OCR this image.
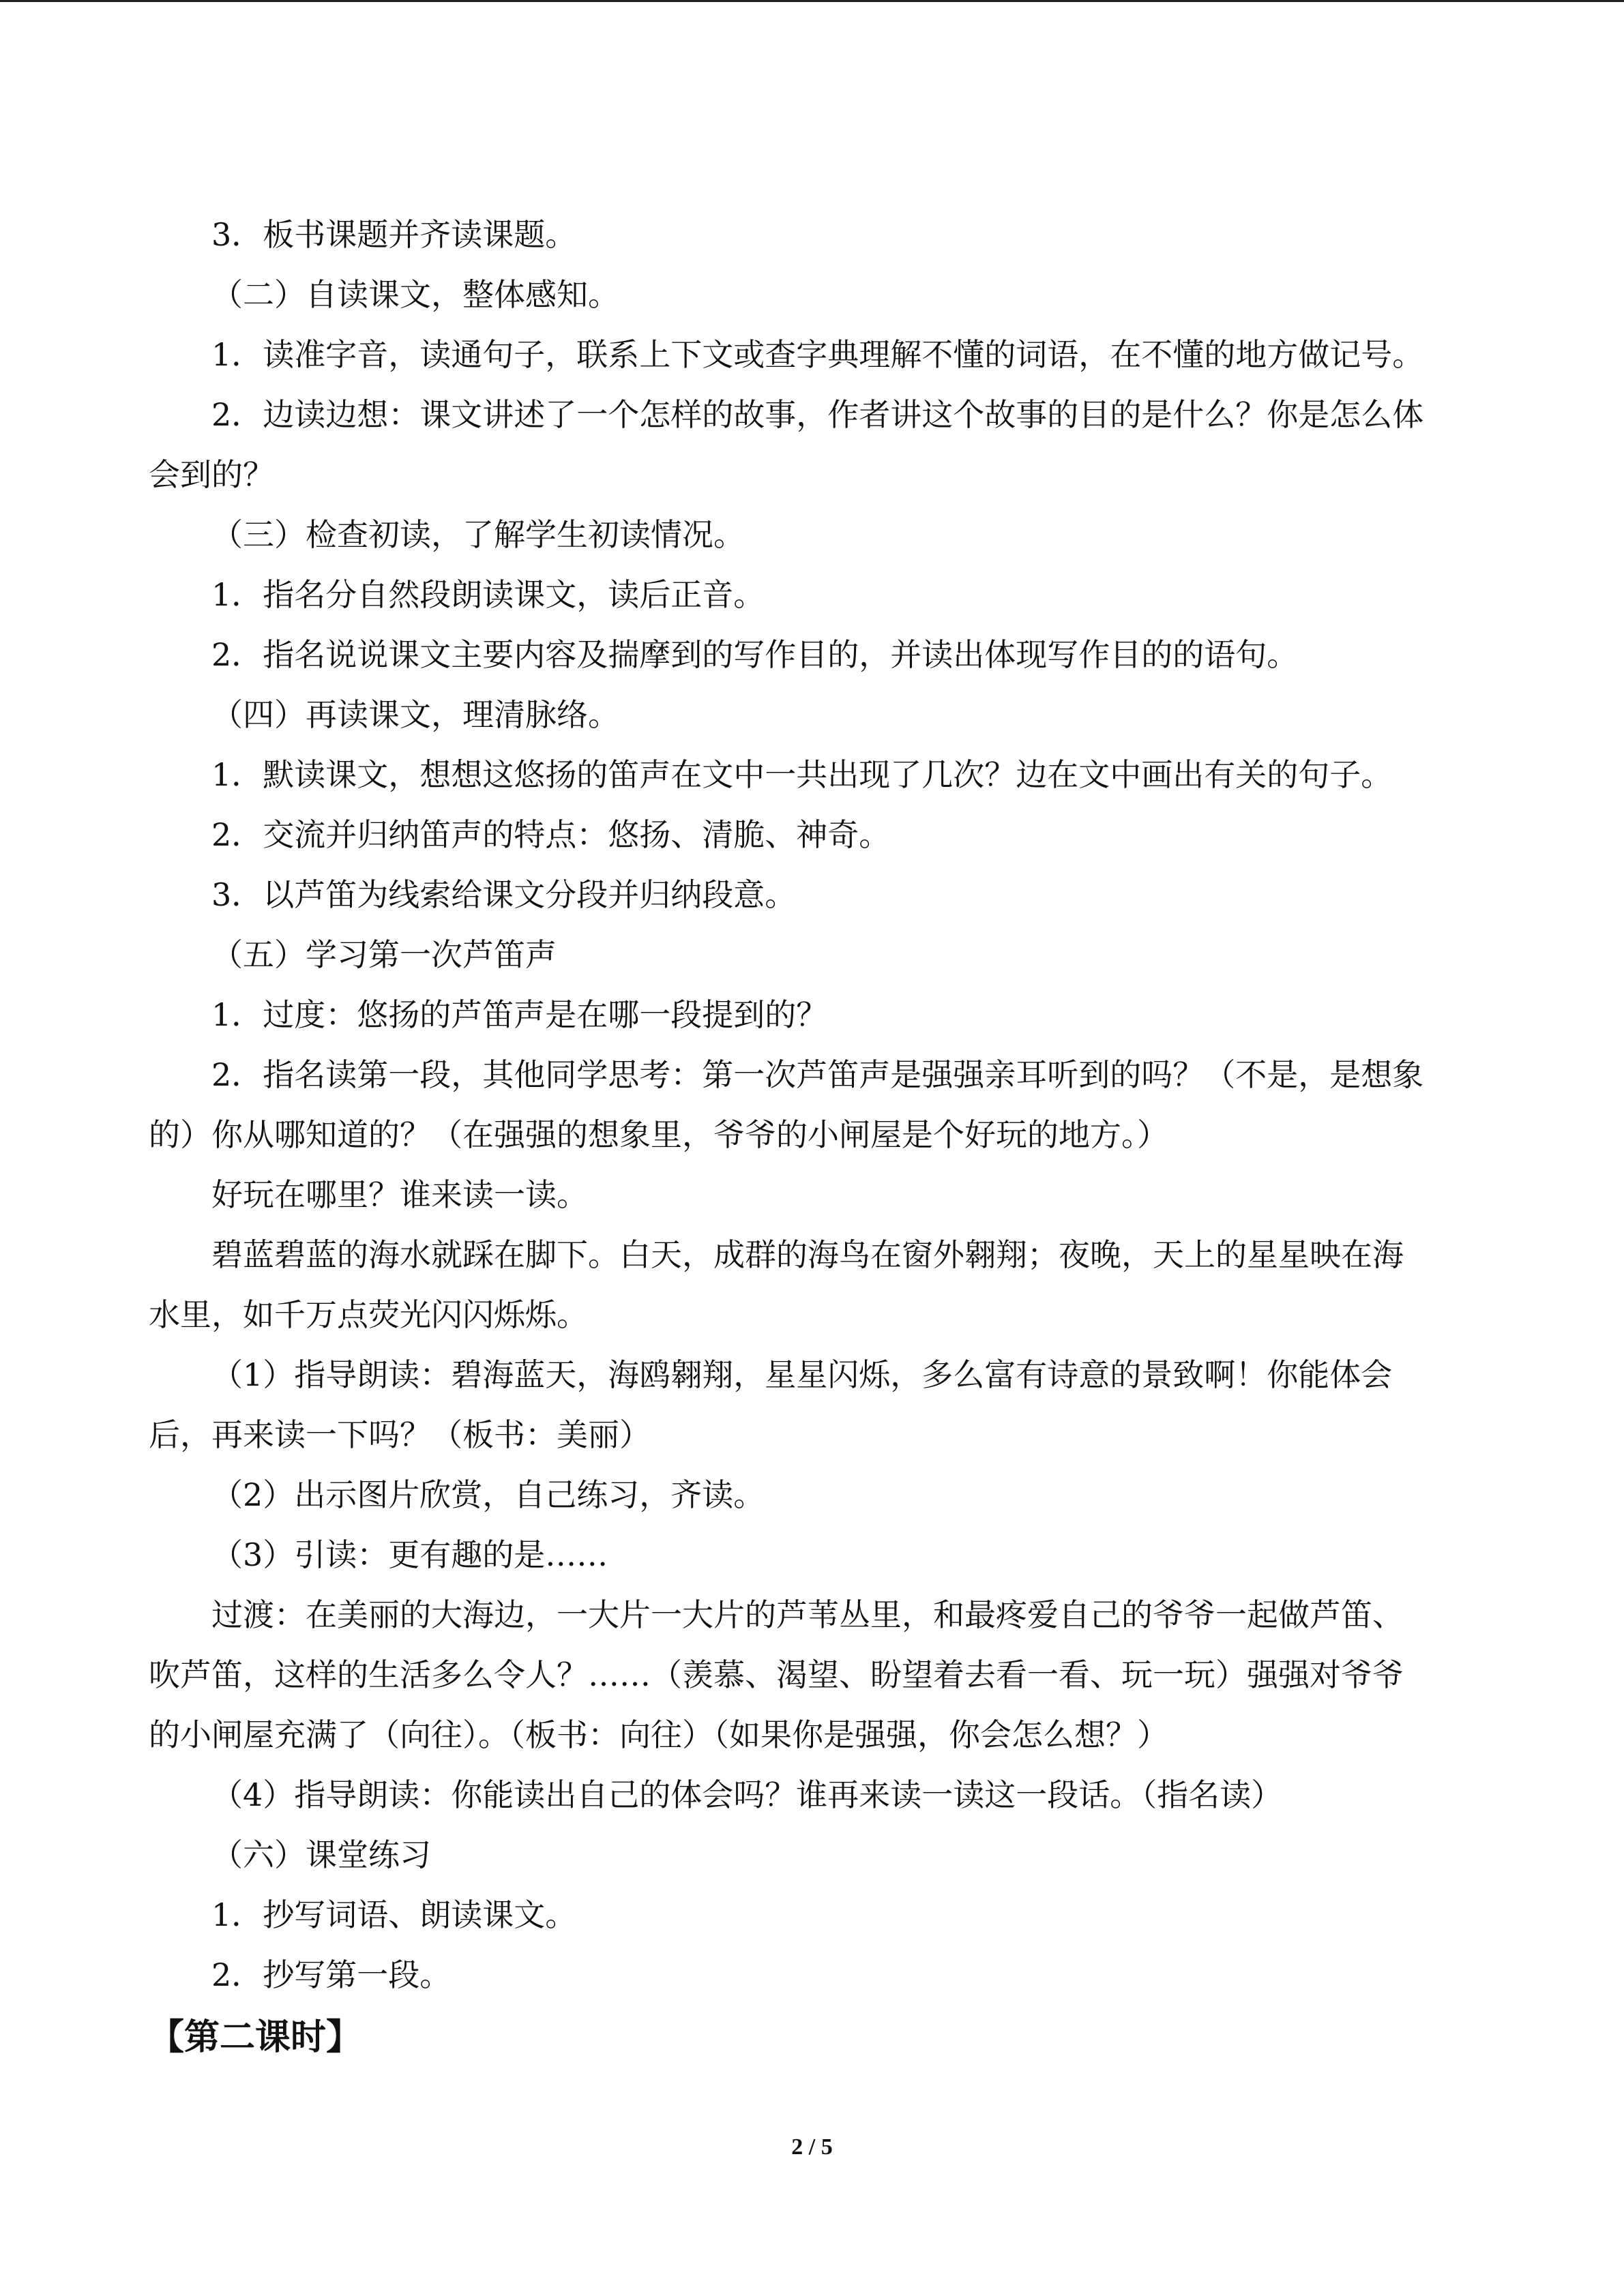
3．板书课题并齐读课题。

（二）自读课文，整体感知。

1．读准字音，读通句子，联系上下文或查字典理解不懂的词语，在不懂的地方做记号。

2．边读边想：课文讲述了一个怎样的故事，作者讲这个故事的目的是什么？你是怎么体

会到的？

（三）检查初读，了解学生初读情况。

1．指名分自然段朗读课文，读后正音。

2．指名说说课文主要内容及揣摩到的写作目的，并读出体现写作目的的语句。

（四）再读课文，理清脉络。

1．默读课文，想想这悠扬的笛声在文中一共出现了几次？边在文中画出有关的句子。

2．交流并归纳笛声的特点：悠扬、清脆、神奇。

3．以芦笛为线索给课文分段并归纳段意。

（五）学习第一次芦笛声

1．过度：悠扬的芦笛声是在哪一段提到的？

2．指名读第一段，其他同学思考：第一次芦笛声是强强亲耳听到的吗？（不是，是想象

的）你从哪知道的？（在强强的想象里，爷爷的小闸屋是个好玩的地方。）

好玩在哪里？谁来读一读。

碧蓝碧蓝的海水就踩在脚下。白天，成群的海鸟在窗外翱翔；夜晚，天上的星星映在海

水里，如千万点荧光闪闪烁烁。

（1）指导朗读：碧海蓝天，海鸥翱翔，星星闪烁，多么富有诗意的景致啊！你能体会

后，再来读一下吗？（板书：美丽）

（2）出示图片欣赏，自己练习，齐读。

（3）引读：更有趣的是……

过渡：在美丽的大海边，一大片一大片的芦苇丛里，和最疼爱自己的爷爷一起做芦笛、

吹芦笛，这样的生活多么令人？……（羡慕、渴望、盼望着去看一看、玩一玩）强强对爷爷

的小闸屋充满了（向往）。（板书：向往）（如果你是强强，你会怎么想？）

（4）指导朗读：你能读出自己的体会吗？谁再来读一读这一段话。（指名读）

（六）课堂练习

1．抄写词语、朗读课文。

2．抄写第一段。

【第二课时】

2 / 5
